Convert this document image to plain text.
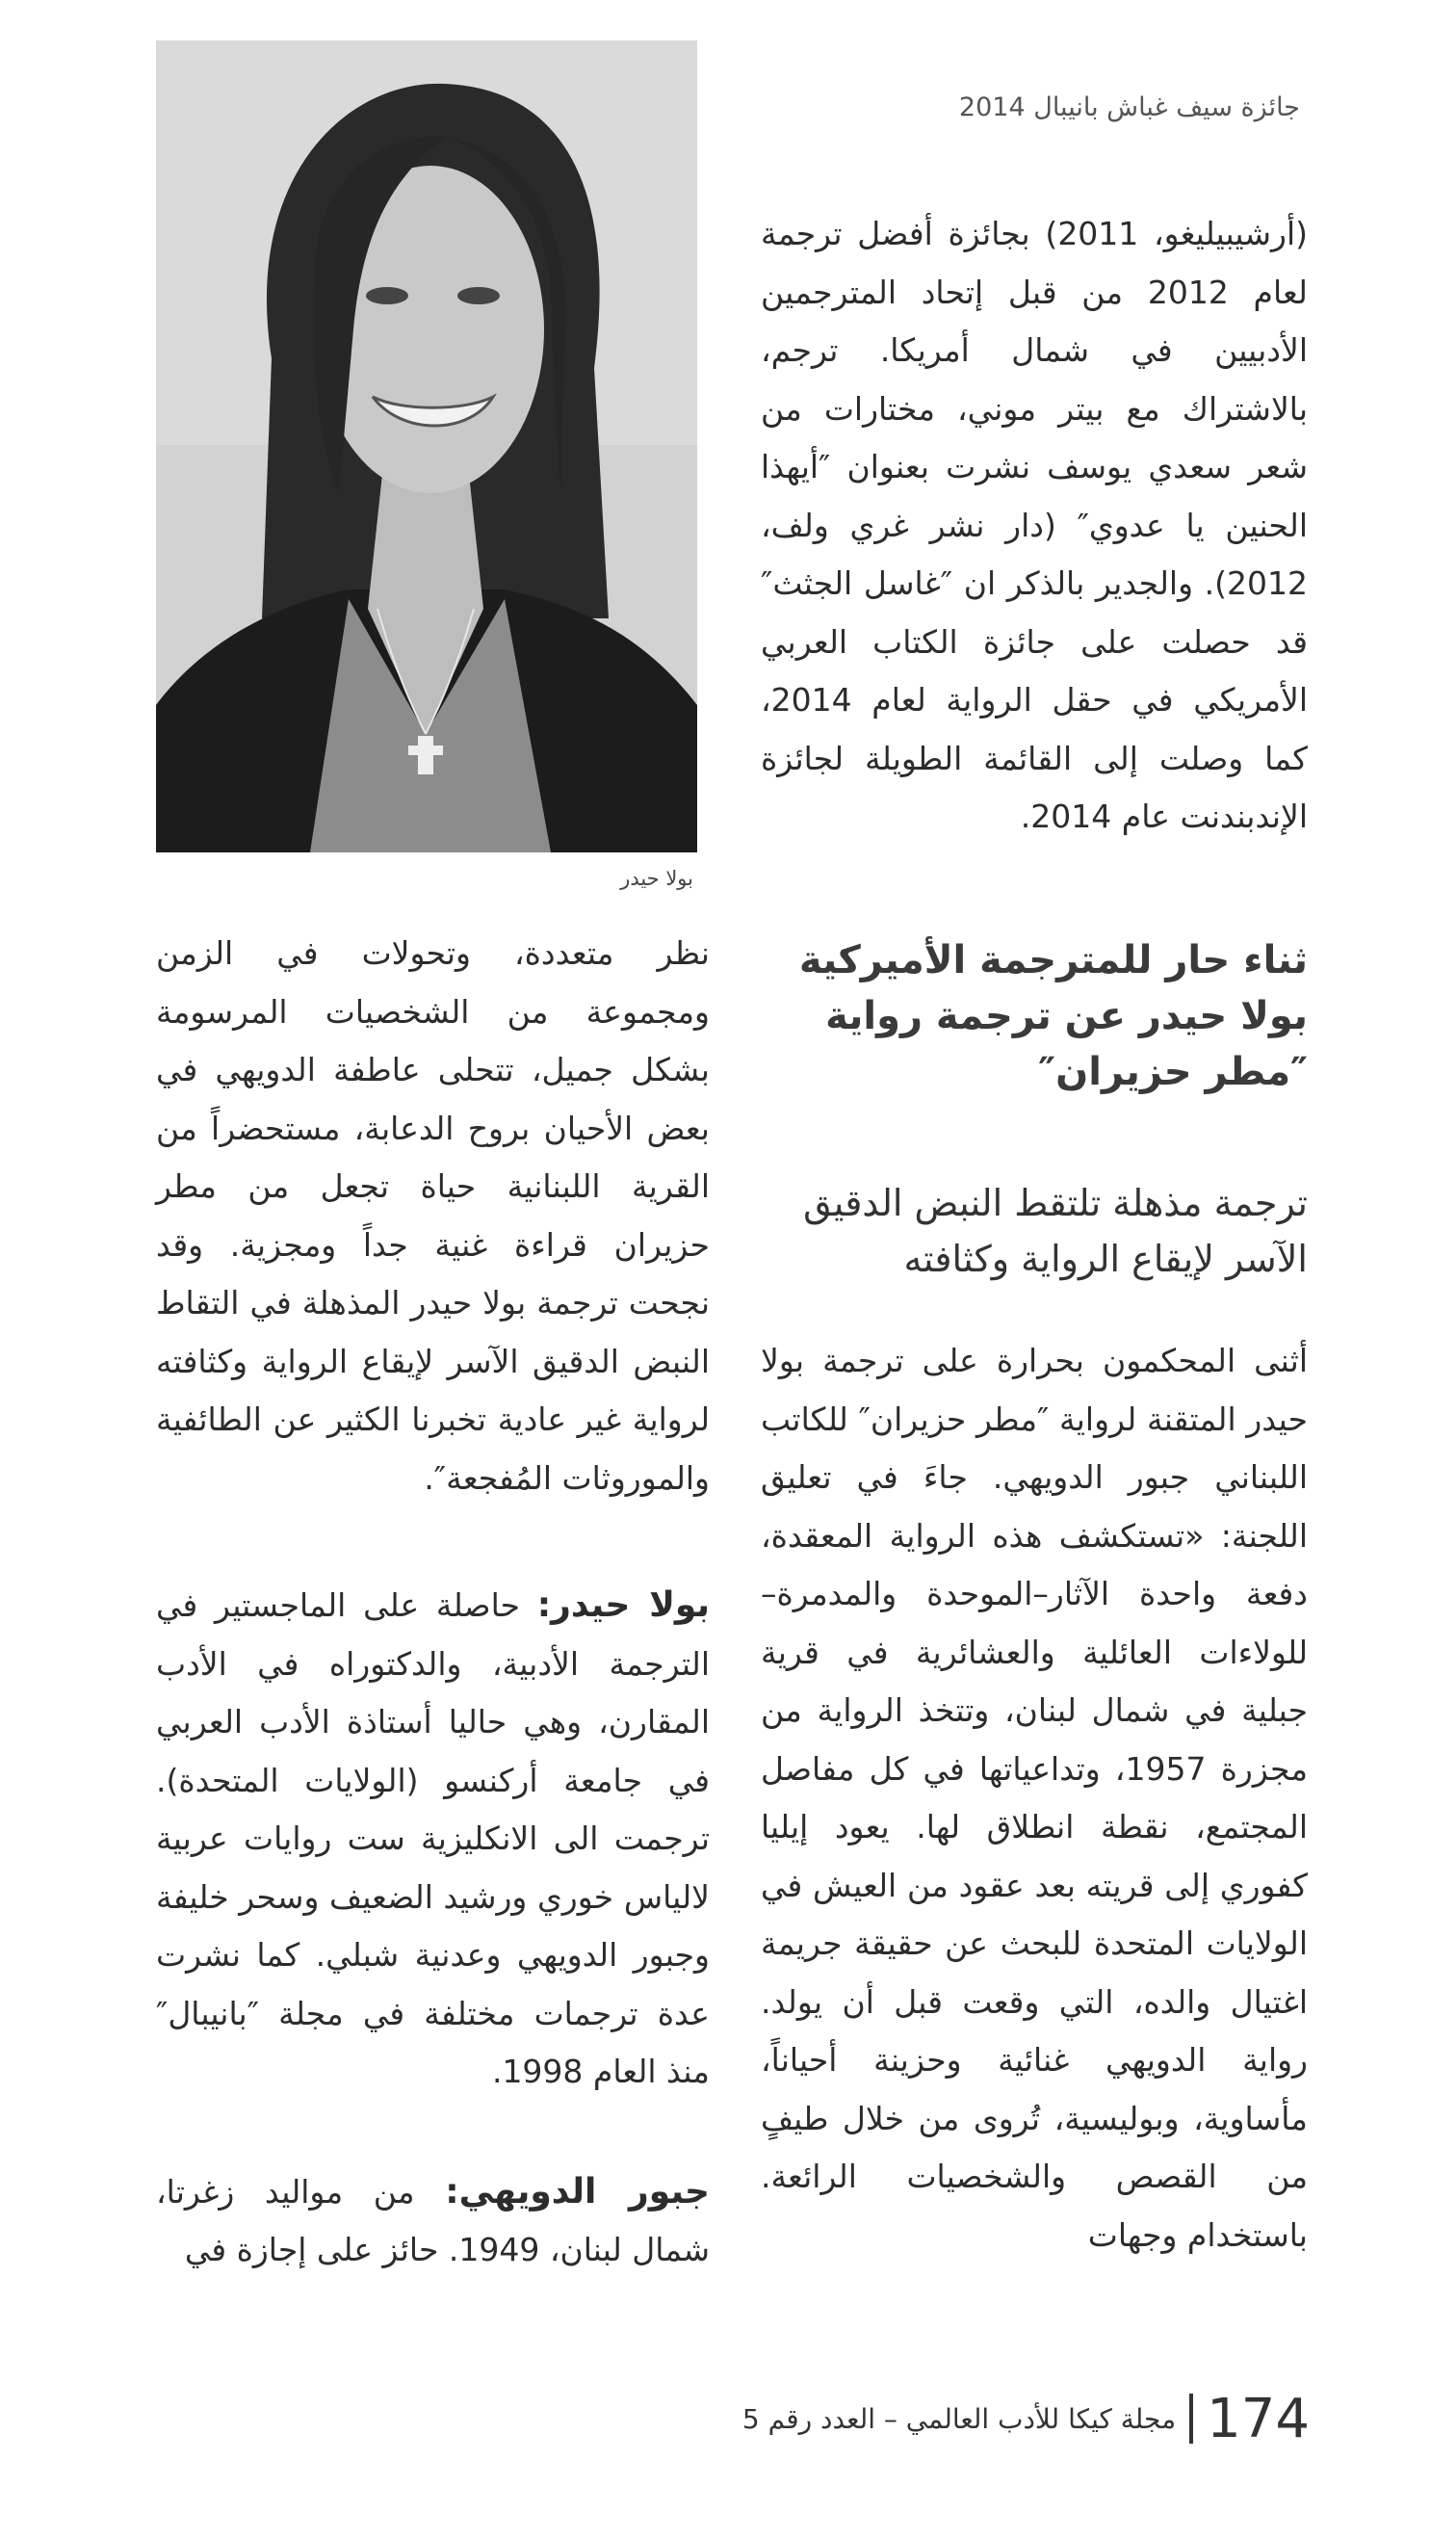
بولا حيدر
جائزة سيف غباش بانيبال 2014

(أرشيبيليغو، 2011) بجائزة أفضل ترجمة لعام 2012 من قبل إتحاد المترجمين الأدبيين في شمال أمريكا. ترجم، بالاشتراك مع بيتر موني، مختارات من شعر سعدي يوسف نشرت بعنوان ″أيهذا الحنين يا عدوي″ (دار نشر غري ولف، 2012). والجدير بالذكر ان ″غاسل الجثث″ قد حصلت على جائزة الكتاب العربي الأمريكي في حقل الرواية لعام 2014، كما وصلت إلى القائمة الطويلة لجائزة الإندبندنت عام 2014.

ثناء حار للمترجمة الأميركية بولا حيدر عن ترجمة رواية ″مطر حزيران″
ترجمة مذهلة تلتقط النبض الدقيق الآسر لإيقاع الرواية وكثافته

أثنى المحكمون بحرارة على ترجمة بولا حيدر المتقنة لرواية ″مطر حزيران″ للكاتب اللبناني جبور الدويهي. جاءَ في تعليق اللجنة: «تستكشف هذه الرواية المعقدة، دفعة واحدة الآثار–الموحدة والمدمرة– للولاءات العائلية والعشائرية في قرية جبلية في شمال لبنان، وتتخذ الرواية من مجزرة 1957، وتداعياتها في كل مفاصل المجتمع، نقطة انطلاق لها. يعود إيليا كفوري إلى قريته بعد عقود من العيش في الولايات المتحدة للبحث عن حقيقة جريمة اغتيال والده، التي وقعت قبل أن يولد. رواية الدويهي غنائية وحزينة أحياناً، مأساوية، وبوليسية، تُروى من خلال طيفٍ من القصص والشخصيات الرائعة. باستخدام وجهات

نظر متعددة، وتحولات في الزمن ومجموعة من الشخصيات المرسومة بشكل جميل، تتحلى عاطفة الدويهي في بعض الأحيان بروح الدعابة، مستحضراً من القرية اللبنانية حياة تجعل من مطر حزيران قراءة غنية جداً ومجزية. وقد نجحت ترجمة بولا حيدر المذهلة في التقاط النبض الدقيق الآسر لإيقاع الرواية وكثافته لرواية غير عادية تخبرنا الكثير عن الطائفية والموروثات المُفجعة″.

بولا حيدر: حاصلة على الماجستير في الترجمة الأدبية، والدكتوراه في الأدب المقارن، وهي حاليا أستاذة الأدب العربي في جامعة أركنسو (الولايات المتحدة). ترجمت الى الانكليزية ست روايات عربية لالياس خوري ورشيد الضعيف وسحر خليفة وجبور الدويهي وعدنية شبلي. كما نشرت عدة ترجمات مختلفة في مجلة ″بانيبال″ منذ العام 1998.

جبور الدويهي: من مواليد زغرتا، شمال لبنان، 1949. حائز على إجازة في

174
مجلة كيكا للأدب العالمي – العدد رقم 5
